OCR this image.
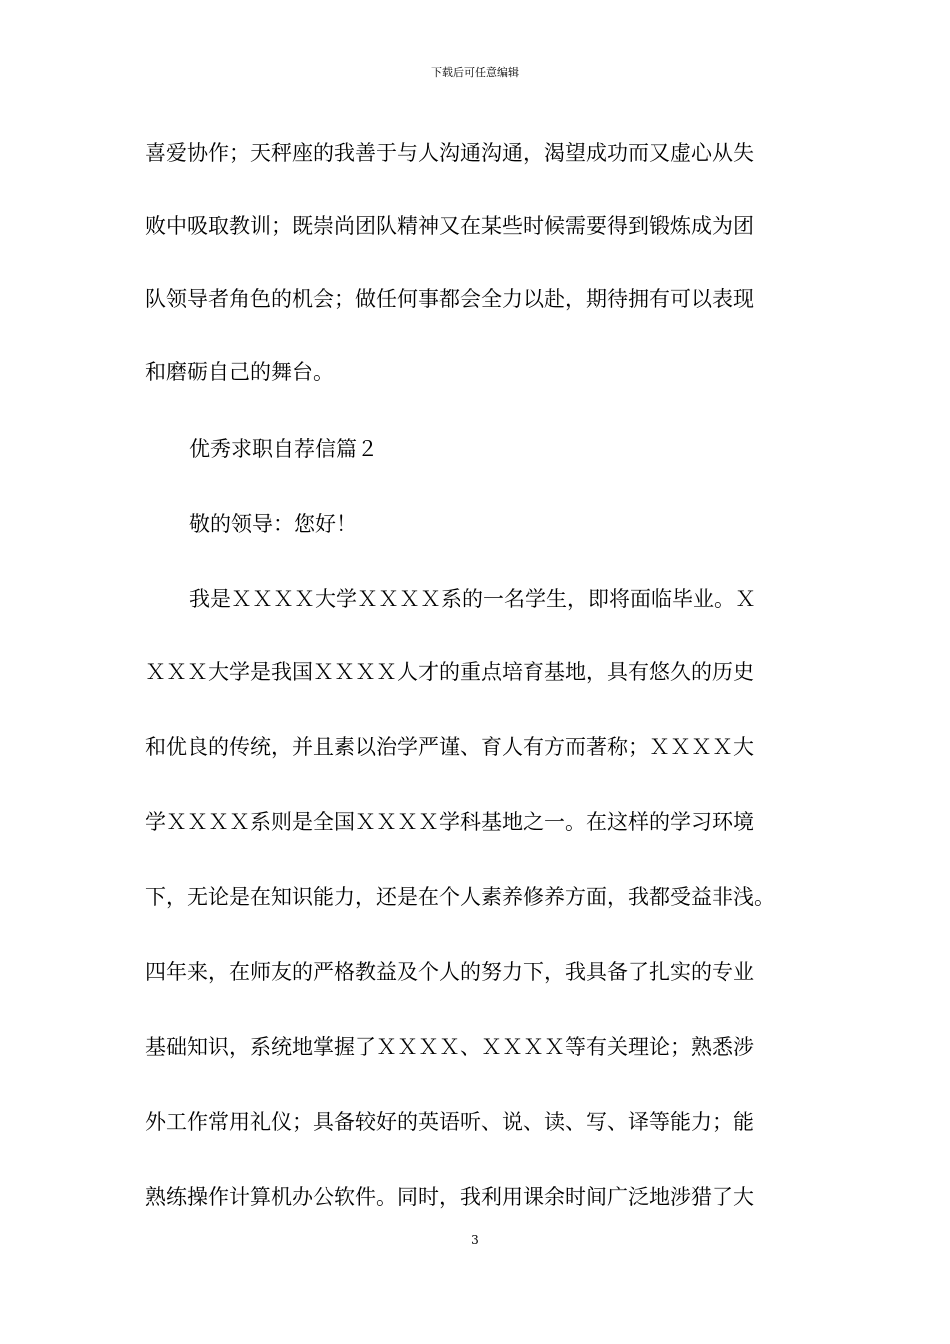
下载后可任意编辑
喜爱协作；天秤座的我善于与人沟通沟通，渴望成功而又虚心从失
败中吸取教训；既崇尚团队精神又在某些时候需要得到锻炼成为团
队领导者角色的机会；做任何事都会全力以赴，期待拥有可以表现
和磨砺自己的舞台。
优秀求职自荐信篇２
敬的领导：您好！
我是ＸＸＸＸ大学ＸＸＸＸ系的一名学生，即将面临毕业。Ｘ
ＸＸＸ大学是我国ＸＸＸＸ人才的重点培育基地，具有悠久的历史
和优良的传统，并且素以治学严谨、育人有方而著称；ＸＸＸＸ大
学ＸＸＸＸ系则是全国ＸＸＸＸ学科基地之一。在这样的学习环境
下，无论是在知识能力，还是在个人素养修养方面，我都受益非浅。
四年来，在师友的严格教益及个人的努力下，我具备了扎实的专业
基础知识，系统地掌握了ＸＸＸＸ、ＸＸＸＸ等有关理论；熟悉涉
外工作常用礼仪；具备较好的英语听、说、读、写、译等能力；能
熟练操作计算机办公软件。同时，我利用课余时间广泛地涉猎了大
3
